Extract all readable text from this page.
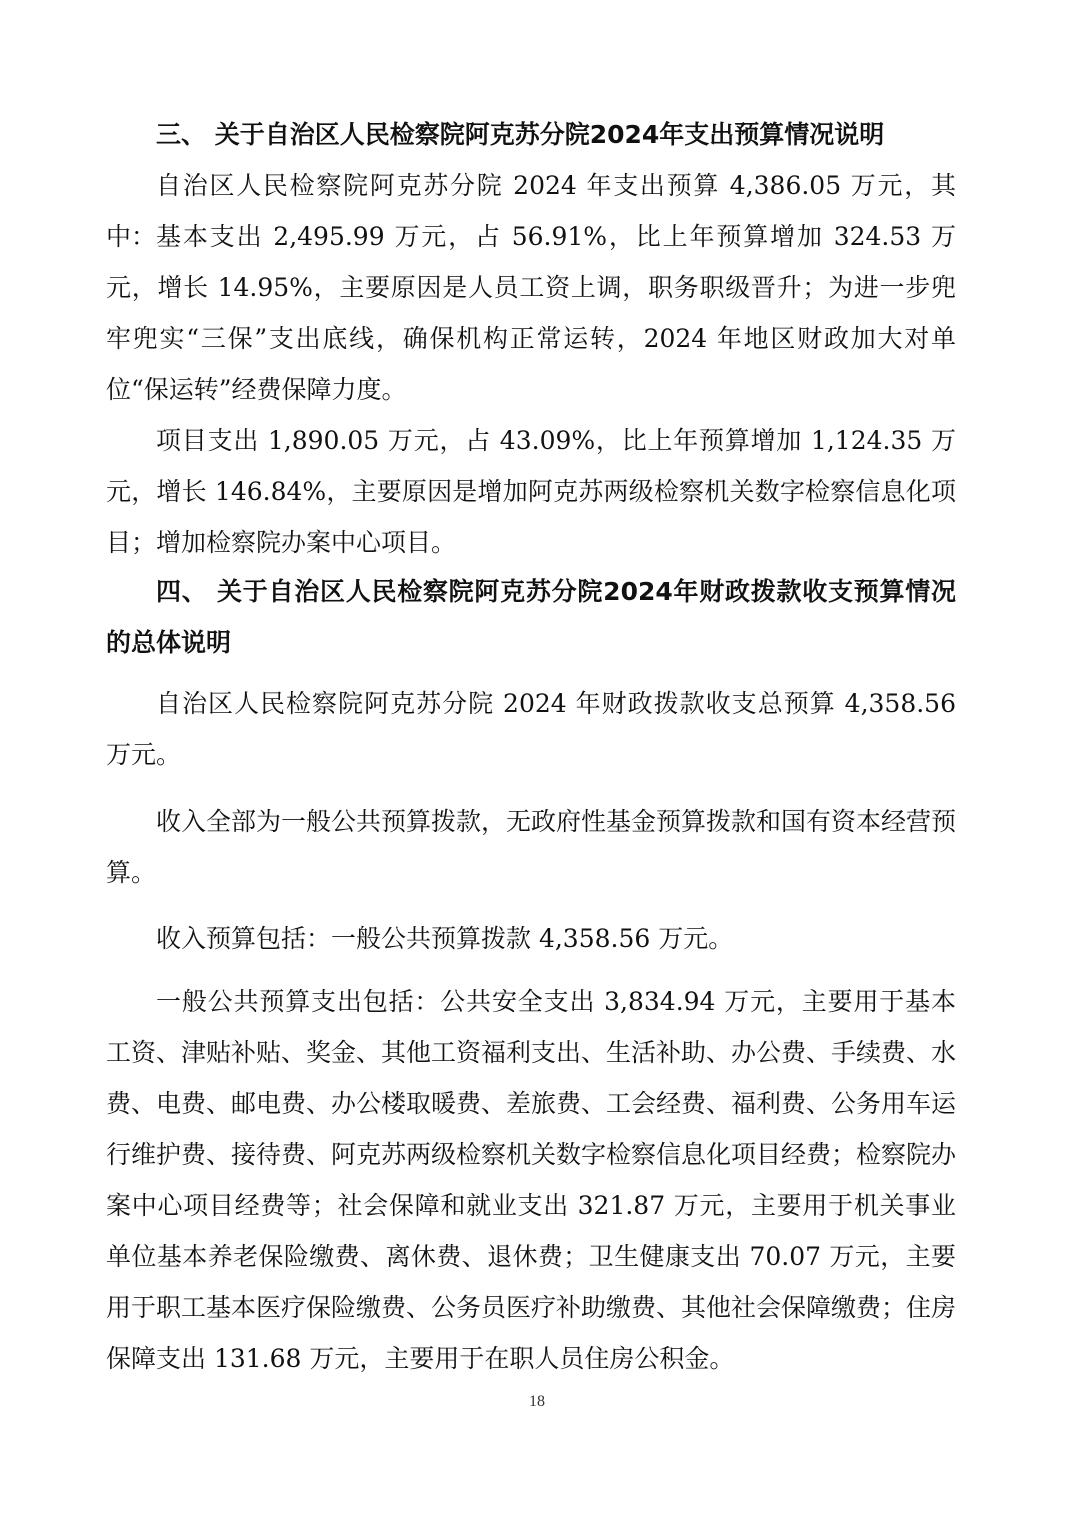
三、 关于自治区人民检察院阿克苏分院2024年支出预算情况说明

自治区人民检察院阿克苏分院 2024 年支出预算 4,386.05 万元，其中： 基本支出 2,495.99 万元，占 56.91%，比上年预算增加 324.53 万元，增长 14.95%，主要原因是人员工资上调，职务职级晋升；为进一步兜牢兜实“三保”支出底线，确保机构正常运转，2024 年地区财政加大对单位“保运转”经费保障力度。

项目支出 1,890.05 万元，占 43.09%，比上年预算增加 1,124.35 万元，增长 146.84%，主要原因是增加阿克苏两级检察机关数字检察信息化项目；增加检察院办案中心项目。

四、 关于自治区人民检察院阿克苏分院2024年财政拨款收支预算情况的总体说明

自治区人民检察院阿克苏分院 2024 年财政拨款收支总预算 4,358.56 万元。

收入全部为一般公共预算拨款，无政府性基金预算拨款和国有资本经营预算。

收入预算包括：一般公共预算拨款 4,358.56 万元。

一般公共预算支出包括：公共安全支出 3,834.94 万元，主要用于基本工资、津贴补贴、奖金、其他工资福利支出、生活补助、办公费、手续费、水费、电费、邮电费、办公楼取暖费、差旅费、工会经费、福利费、公务用车运行维护费、接待费、阿克苏两级检察机关数字检察信息化项目经费；检察院办案中心项目经费等；社会保障和就业支出 321.87 万元，主要用于机关事业单位基本养老保险缴费、离休费、退休费；卫生健康支出 70.07 万元，主要用于职工基本医疗保险缴费、公务员医疗补助缴费、其他社会保障缴费；住房保障支出 131.68 万元，主要用于在职人员住房公积金。

18
